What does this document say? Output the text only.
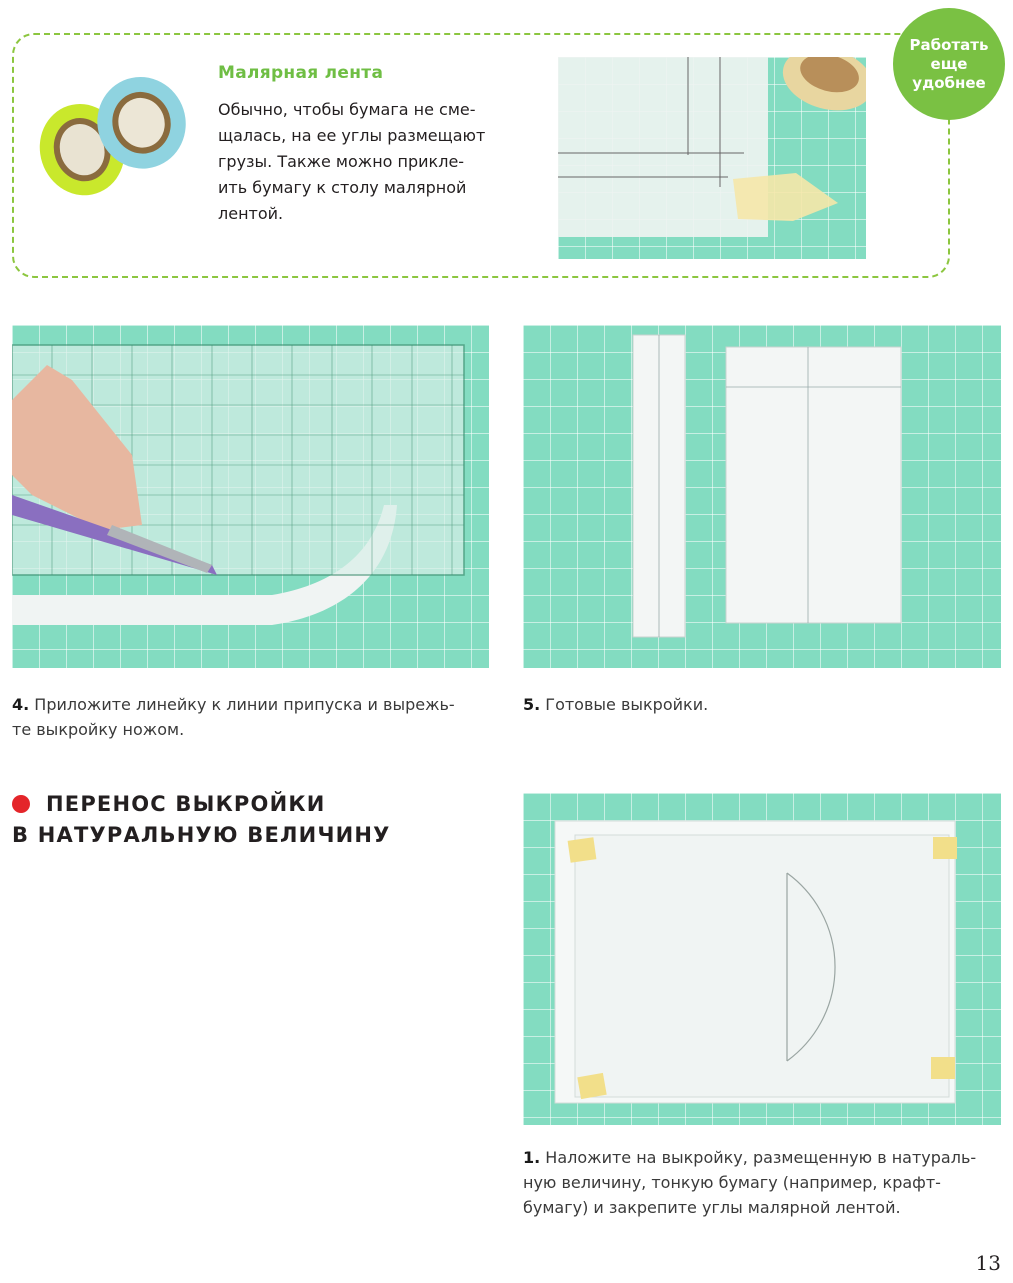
Малярная лента
Обычно, чтобы бумага не сме-
щалась, на ее углы размещают
грузы. Также можно прикле-
ить бумагу к столу малярной
лентой.
Работать
еще
удобнее
4. Приложите линейку к линии припуска и вырежь-
те выкройку ножом.
5. Готовые выкройки.
ПЕРЕНОС ВЫКРОЙКИ
В НАТУРАЛЬНУЮ ВЕЛИЧИНУ
1. Наложите на выкройку, размещенную в натураль-
ную величину, тонкую бумагу (например, крафт-
бумагу) и закрепите углы малярной лентой.
13
